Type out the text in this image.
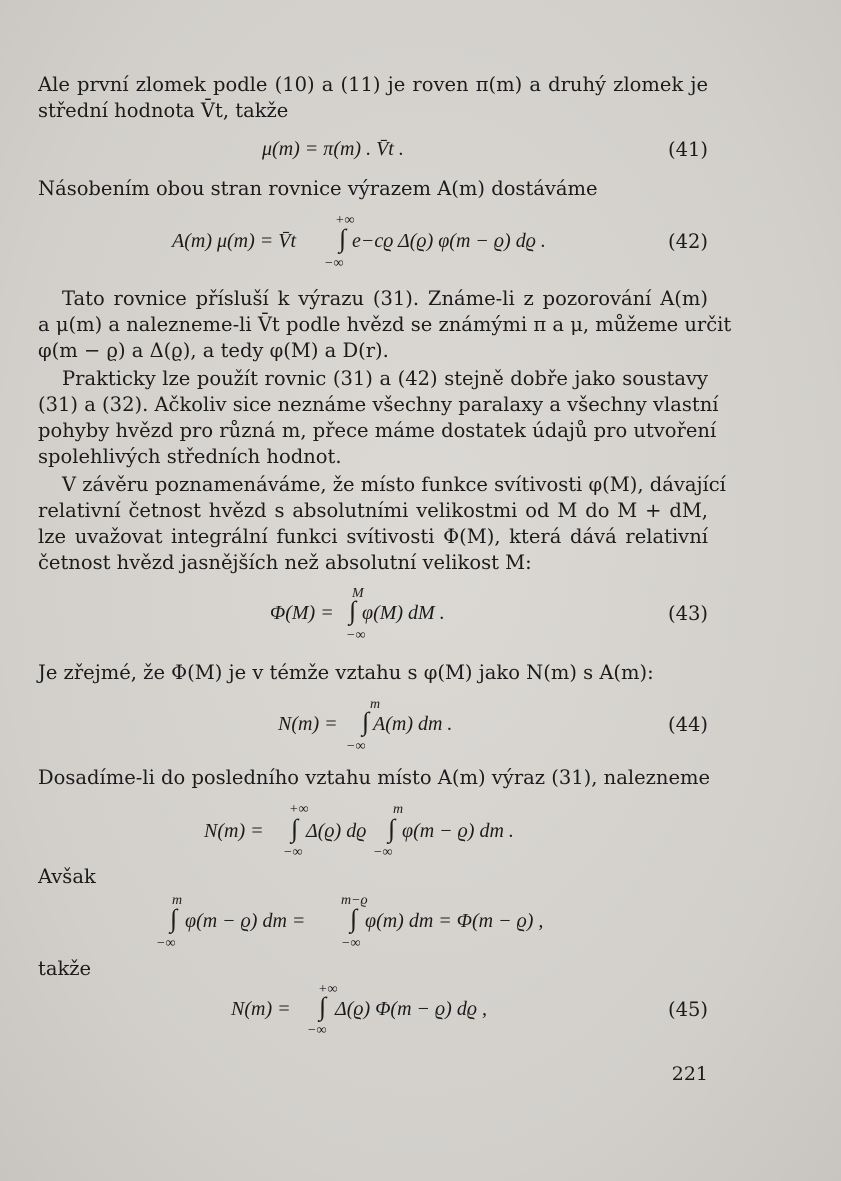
Ale první zlomek podle (10) a (11) je roven π(m) a druhý zlomek je
střední hodnota V̄t, takže
μ(m) = π(m) . V̄t .	(41)
Násobením obou stran rovnice výrazem A(m) dostáváme
+∞
A(m) μ(m) = V̄t ∫ e−cϱ Δ(ϱ) φ(m − ϱ) dϱ .
−∞
(42)
Tato rovnice přísluší k výrazu (31). Známe-li z pozorování A(m)
a μ(m) a nalezneme-li V̄t podle hvězd se známými π a μ, můžeme určit
φ(m − ϱ) a Δ(ϱ), a tedy φ(M) a D(r).
Prakticky lze použít rovnic (31) a (42) stejně dobře jako soustavy
(31) a (32). Ačkoliv sice neznáme všechny paralaxy a všechny vlastní
pohyby hvězd pro různá m, přece máme dostatek údajů pro utvoření
spolehlivých středních hodnot.
V závěru poznamenáváme, že místo funkce svítivosti φ(M), dávající
relativní četnost hvězd s absolutními velikostmi od M do M + dM,
lze uvažovat integrální funkci svítivosti Φ(M), která dává relativní
četnost hvězd jasnějších než absolutní velikost M:
M
Φ(M) = ∫ φ(M) dM .
−∞
(43)
Je zřejmé, že Φ(M) je v témže vztahu s φ(M) jako N(m) s A(m):
m
N(m) = ∫ A(m) dm .
−∞
(44)
Dosadíme-li do posledního vztahu místo A(m) výraz (31), nalezneme
+∞
N(m) = ∫ Δ(ϱ) dϱ
−∞
m
∫ φ(m − ϱ) dm .
−∞
Avšak
m
∫ φ(m − ϱ) dm =
−∞
m−ϱ
∫ φ(m) dm = Φ(m − ϱ) ,
−∞
takže
+∞
N(m) = ∫ Δ(ϱ) Φ(m − ϱ) dϱ ,
−∞
(45)
221
